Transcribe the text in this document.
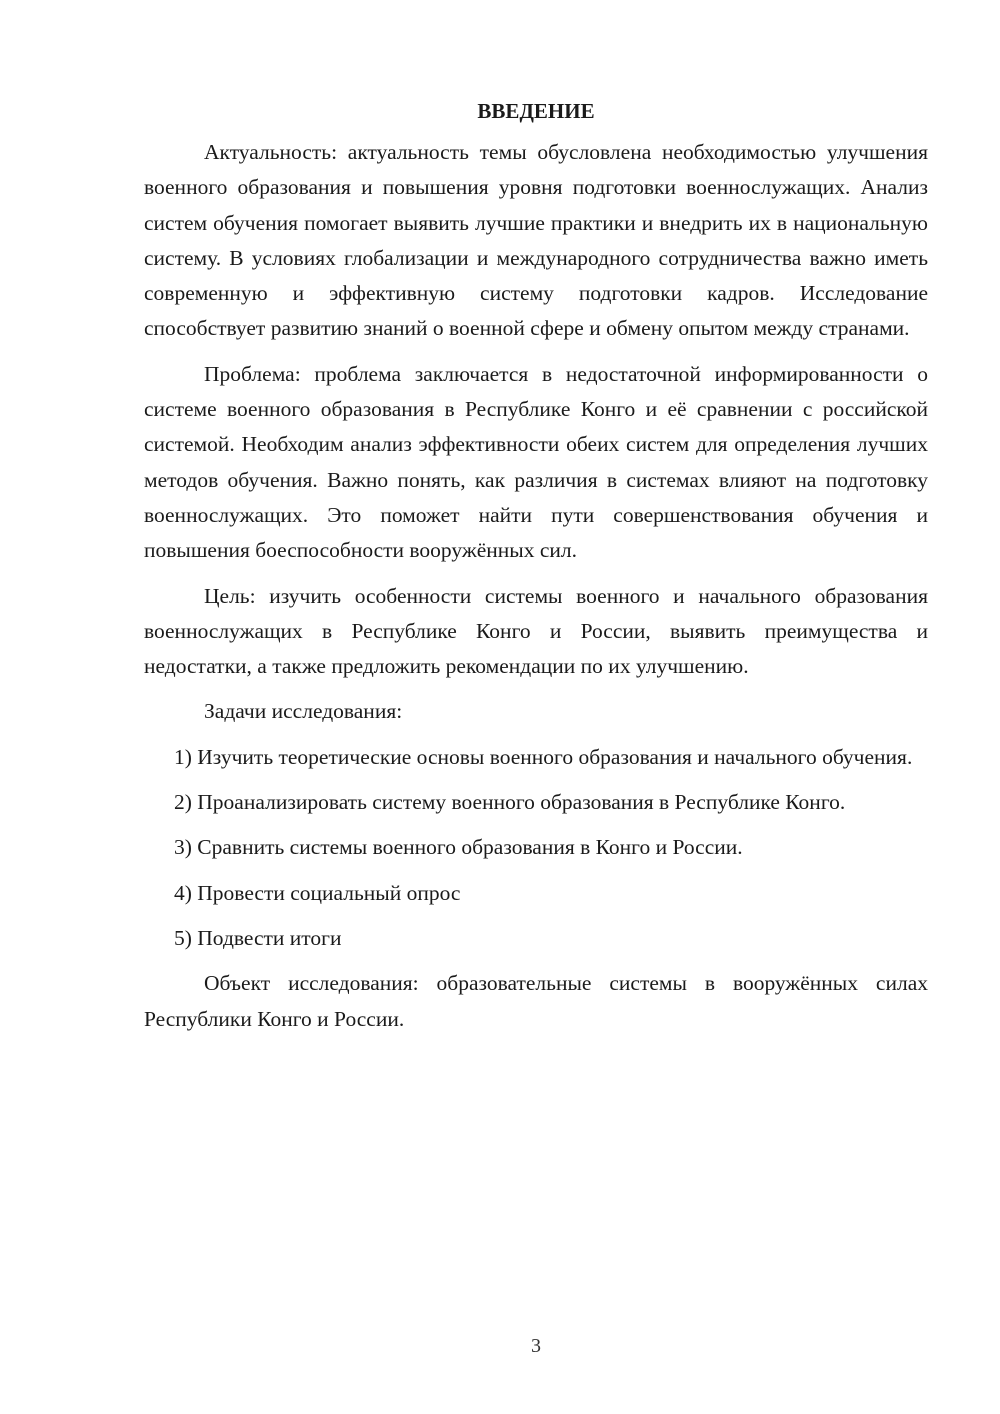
ВВЕДЕНИЕ

Актуальность: актуальность темы обусловлена необходимостью улучшения военного образования и повышения уровня подготовки военнослужащих. Анализ систем обучения помогает выявить лучшие практики и внедрить их в национальную систему. В условиях глобализации и международного сотрудничества важно иметь современную и эффективную систему подготовки кадров. Исследование способствует развитию знаний о военной сфере и обмену опытом между странами.

Проблема: проблема заключается в недостаточной информированности о системе военного образования в Республике Конго и её сравнении с российской системой. Необходим анализ эффективности обеих систем для определения лучших методов обучения. Важно понять, как различия в системах влияют на подготовку военнослужащих. Это поможет найти пути совершенствования обучения и повышения боеспособности вооружённых сил.

Цель: изучить особенности системы военного и начального образования военнослужащих в Республике Конго и России, выявить преимущества и недостатки, а также предложить рекомендации по их улучшению.

Задачи исследования:

1) Изучить теоретические основы военного образования и начального обучения.

2) Проанализировать систему военного образования в Республике Конго.

3) Сравнить системы военного образования в Конго и России.

4) Провести социальный опрос

5) Подвести итоги

Объект исследования: образовательные системы в вооружённых силах Республики Конго и России.

3
